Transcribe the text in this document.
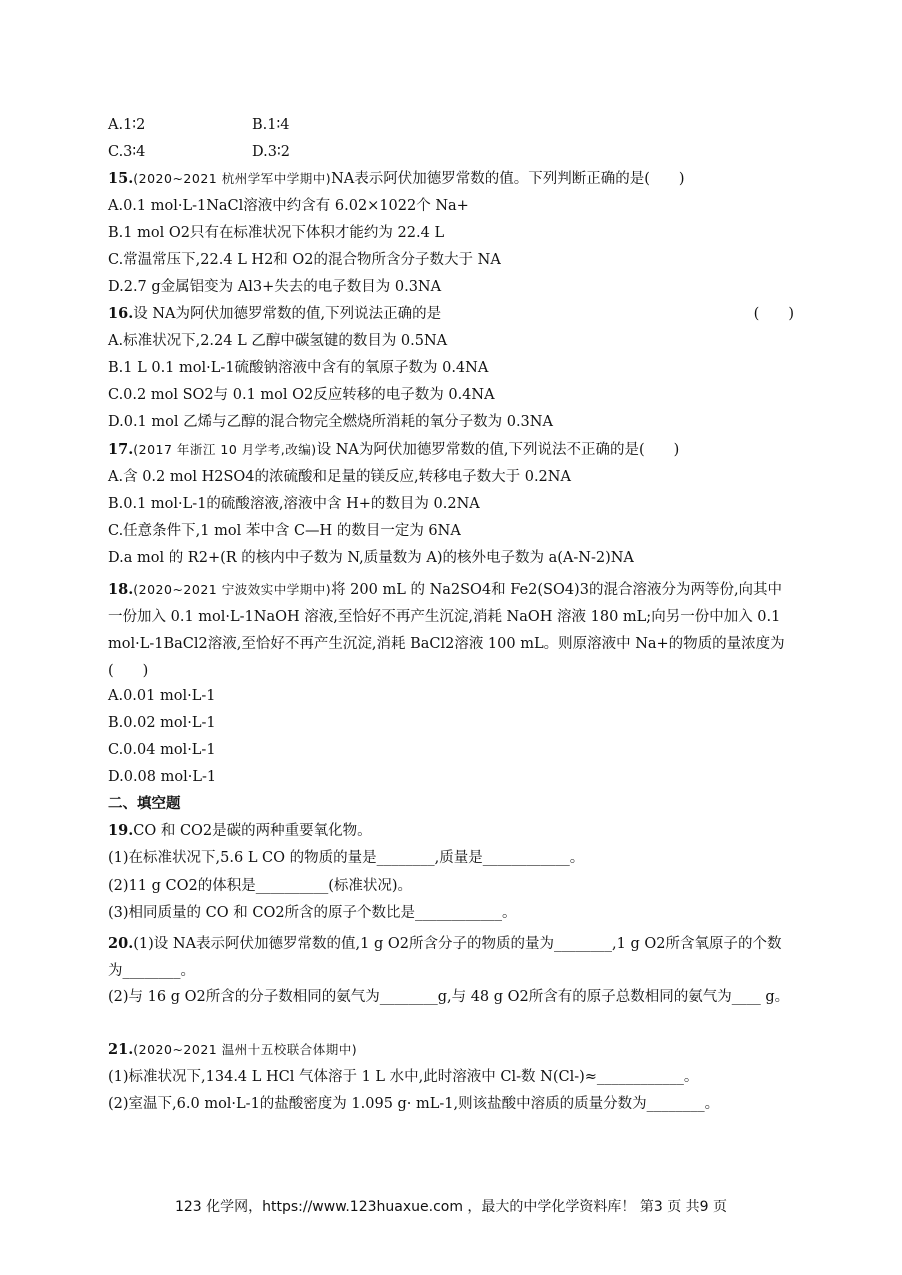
A.1∶2	B.1∶4
C.3∶4	D.3∶2
15.(2020~2021 杭州学军中学期中)NA表示阿伏加德罗常数的值。下列判断正确的是(　　)
A.0.1 mol·L-1NaCl溶液中约含有 6.02×1022个 Na+
B.1 mol O2只有在标准状况下体积才能约为 22.4 L
C.常温常压下,22.4 L H2和 O2的混合物所含分子数大于 NA
D.2.7 g金属铝变为 Al3+失去的电子数目为 0.3NA
16.设 NA为阿伏加德罗常数的值,下列说法正确的是	(　　)
A.标准状况下,2.24 L 乙醇中碳氢键的数目为 0.5NA
B.1 L 0.1 mol·L-1硫酸钠溶液中含有的氧原子数为 0.4NA
C.0.2 mol SO2与 0.1 mol O2反应转移的电子数为 0.4NA
D.0.1 mol 乙烯与乙醇的混合物完全燃烧所消耗的氧分子数为 0.3NA
17.(2017 年浙江 10 月学考,改编)设 NA为阿伏加德罗常数的值,下列说法不正确的是(　　)
A.含 0.2 mol H2SO4的浓硫酸和足量的镁反应,转移电子数大于 0.2NA
B.0.1 mol·L-1的硫酸溶液,溶液中含 H+的数目为 0.2NA
C.任意条件下,1 mol 苯中含 C—H 的数目一定为 6NA
D.a mol 的 R2+(R 的核内中子数为 N,质量数为 A)的核外电子数为 a(A-N-2)NA
18.(2020~2021 宁波效实中学期中)将 200 mL 的 Na2SO4和 Fe2(SO4)3的混合溶液分为两等份,向其中一份加入 0.1 mol·L-1NaOH 溶液,至恰好不再产生沉淀,消耗 NaOH 溶液 180 mL;向另一份中加入 0.1 mol·L-1BaCl2溶液,至恰好不再产生沉淀,消耗 BaCl2溶液 100 mL。则原溶液中 Na+的物质的量浓度为(　　)
A.0.01 mol·L-1
B.0.02 mol·L-1
C.0.04 mol·L-1
D.0.08 mol·L-1
二、填空题
19.CO 和 CO2是碳的两种重要氧化物。
(1)在标准状况下,5.6 L CO 的物质的量是________,质量是____________。
(2)11 g CO2的体积是__________(标准状况)。
(3)相同质量的 CO 和 CO2所含的原子个数比是____________。
20.(1)设 NA表示阿伏加德罗常数的值,1 g O2所含分子的物质的量为________,1 g O2所含氧原子的个数为________。
(2)与 16 g O2所含的分子数相同的氨气为________g,与 48 g O2所含有的原子总数相同的氨气为____ g。
21.(2020~2021 温州十五校联合体期中)
(1)标准状况下,134.4 L HCl 气体溶于 1 L 水中,此时溶液中 Cl-数 N(Cl-)≈____________。
(2)室温下,6.0 mol·L-1的盐酸密度为 1.095 g· mL-1,则该盐酸中溶质的质量分数为________。
123 化学网，https://www.123huaxue.com ，最大的中学化学资料库！ 第3 页 共9 页
